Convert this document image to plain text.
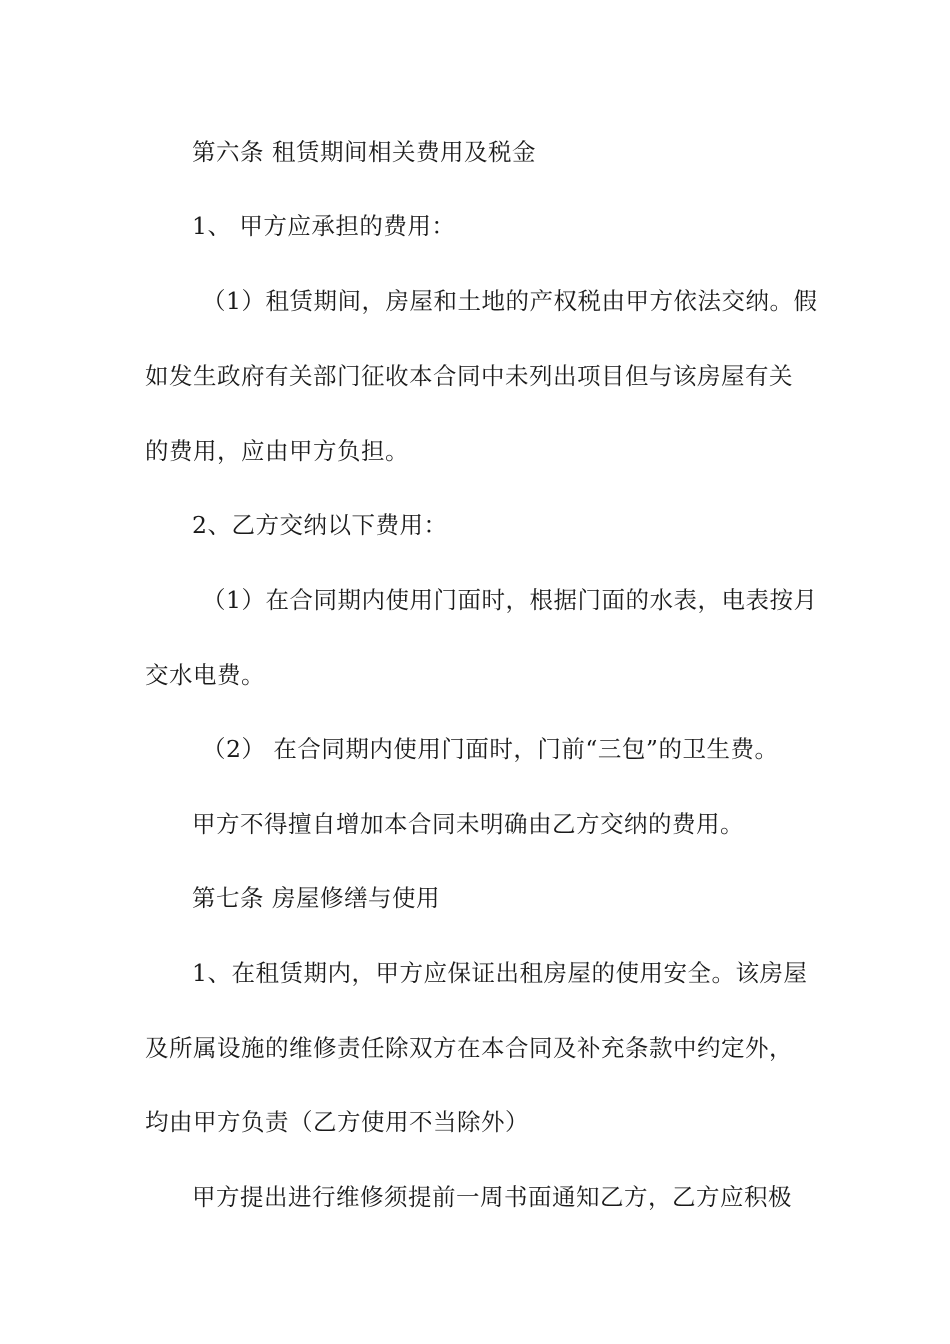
第六条 租赁期间相关费用及税金
1、 甲方应承担的费用：
（1）租赁期间，房屋和土地的产权税由甲方依法交纳。假
如发生政府有关部门征收本合同中未列出项目但与该房屋有关
的费用，应由甲方负担。
2、乙方交纳以下费用：
（1）在合同期内使用门面时，根据门面的水表，电表按月
交水电费。
（2） 在合同期内使用门面时，门前“三包”的卫生费。
甲方不得擅自增加本合同未明确由乙方交纳的费用。
第七条 房屋修缮与使用
1、在租赁期内，甲方应保证出租房屋的使用安全。该房屋
及所属设施的维修责任除双方在本合同及补充条款中约定外，
均由甲方负责（乙方使用不当除外）
甲方提出进行维修须提前一周书面通知乙方，乙方应积极
